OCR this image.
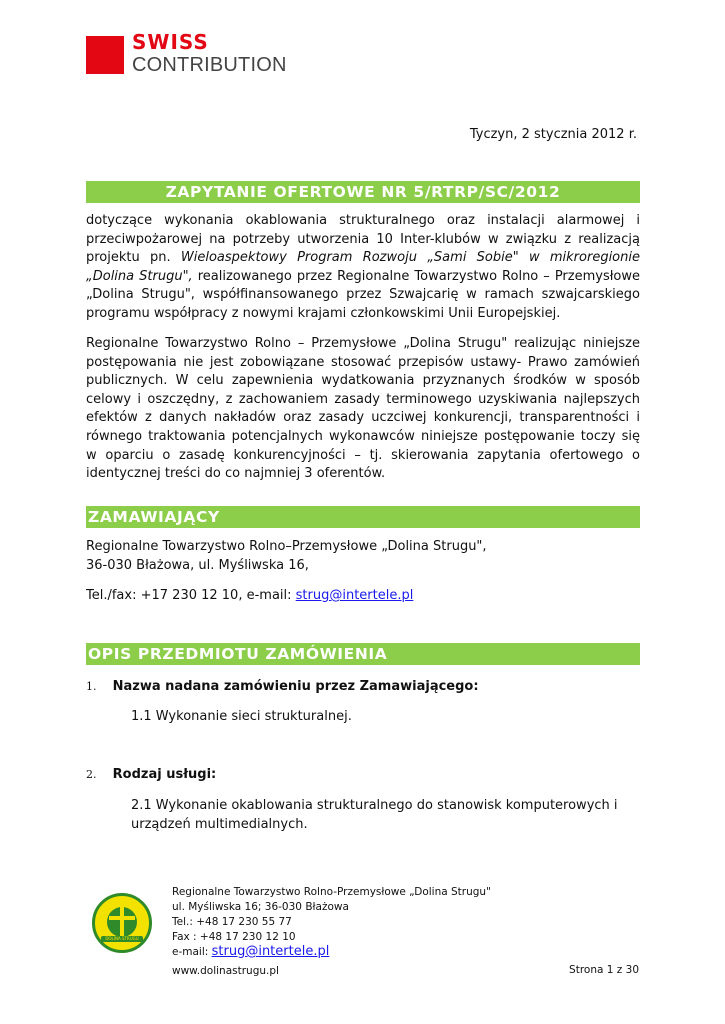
SWISS
CONTRIBUTION
Tyczyn, 2 stycznia 2012 r.
ZAPYTANIE OFERTOWE NR 5/RTRP/SC/2012
dotyczące wykonania okablowania strukturalnego oraz instalacji alarmowej i przeciwpożarowej na potrzeby utworzenia 10 Inter-klubów w związku z realizacją projektu pn. Wieloaspektowy Program Rozwoju „Sami Sobie" w mikroregionie „Dolina Strugu", realizowanego przez Regionalne Towarzystwo Rolno – Przemysłowe „Dolina Strugu", współfinansowanego przez Szwajcarię w ramach szwajcarskiego programu współpracy z nowymi krajami członkowskimi Unii Europejskiej.
Regionalne Towarzystwo Rolno – Przemysłowe „Dolina Strugu" realizując niniejsze postępowania nie jest zobowiązane stosować przepisów ustawy- Prawo zamówień publicznych. W celu zapewnienia wydatkowania przyznanych środków w sposób celowy i oszczędny, z zachowaniem zasady terminowego uzyskiwania najlepszych efektów z danych nakładów oraz zasady uczciwej konkurencji, transparentności i równego traktowania potencjalnych wykonawców niniejsze postępowanie toczy się w oparciu o zasadę konkurencyjności – tj. skierowania zapytania ofertowego o identycznej treści do co najmniej 3 oferentów.
ZAMAWIAJĄCY
Regionalne Towarzystwo Rolno–Przemysłowe „Dolina Strugu",
36-030 Błażowa, ul. Myśliwska 16,
Tel./fax: +17 230 12 10, e-mail: strug@intertele.pl
OPIS PRZEDMIOTU ZAMÓWIENIA
1. Nazwa nadana zamówieniu przez Zamawiającego:
1.1 Wykonanie sieci strukturalnej.
2. Rodzaj usługi:
2.1 Wykonanie okablowania strukturalnego do stanowisk komputerowych i urządzeń multimedialnych.
DOLINA STRUGU
Regionalne Towarzystwo Rolno-Przemysłowe „Dolina Strugu"
ul. Myśliwska 16; 36-030 Błażowa
Tel.: +48 17 230 55 77
Fax : +48 17 230 12 10
e-mail: strug@intertele.pl
www.dolinastrugu.pl	Strona 1 z 30
